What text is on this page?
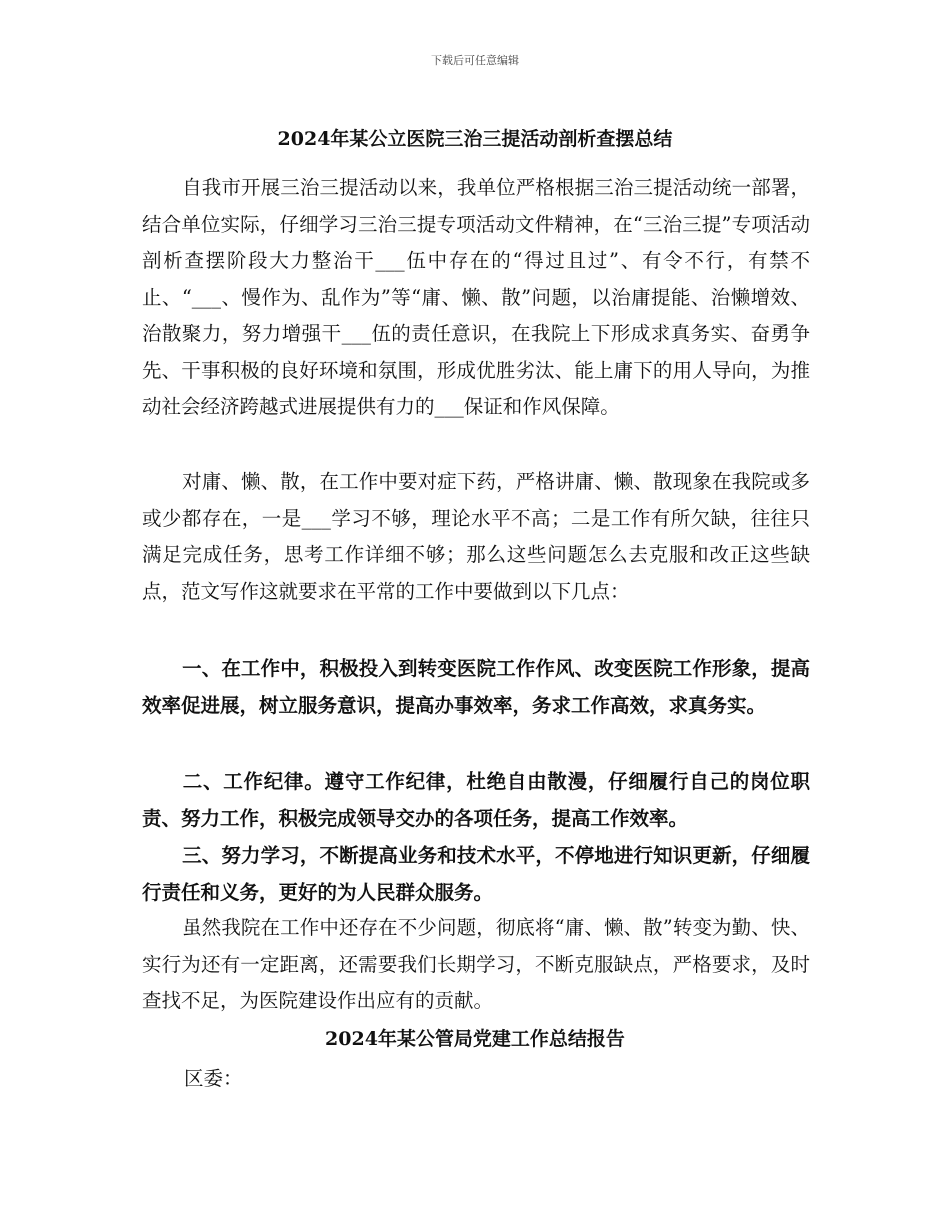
下载后可任意编辑
2024年某公立医院三治三提活动剖析查摆总结

自我市开展三治三提活动以来，我单位严格根据三治三提活动统一部署，结合单位实际，仔细学习三治三提专项活动文件精神，在“三治三提”专项活动剖析查摆阶段大力整治干___伍中存在的“得过且过”、有令不行，有禁不止、“___、慢作为、乱作为”等“庸、懒、散”问题，以治庸提能、治懒增效、治散聚力，努力增强干___伍的责任意识，在我院上下形成求真务实、奋勇争先、干事积极的良好环境和氛围，形成优胜劣汰、能上庸下的用人导向，为推动社会经济跨越式进展提供有力的___保证和作风保障。

对庸、懒、散，在工作中要对症下药，严格讲庸、懒、散现象在我院或多或少都存在，一是___学习不够，理论水平不高；二是工作有所欠缺，往往只满足完成任务，思考工作详细不够；那么这些问题怎么去克服和改正这些缺点，范文写作这就要求在平常的工作中要做到以下几点：

一、在工作中，积极投入到转变医院工作作风、改变医院工作形象，提高效率促进展，树立服务意识，提高办事效率，务求工作高效，求真务实。

二、工作纪律。遵守工作纪律，杜绝自由散漫，仔细履行自己的岗位职责、努力工作，积极完成领导交办的各项任务，提高工作效率。

三、努力学习，不断提高业务和技术水平，不停地进行知识更新，仔细履行责任和义务，更好的为人民群众服务。

虽然我院在工作中还存在不少问题，彻底将“庸、懒、散”转变为勤、快、实行为还有一定距离，还需要我们长期学习，不断克服缺点，严格要求，及时查找不足，为医院建设作出应有的贡献。

2024年某公管局党建工作总结报告
区委：
